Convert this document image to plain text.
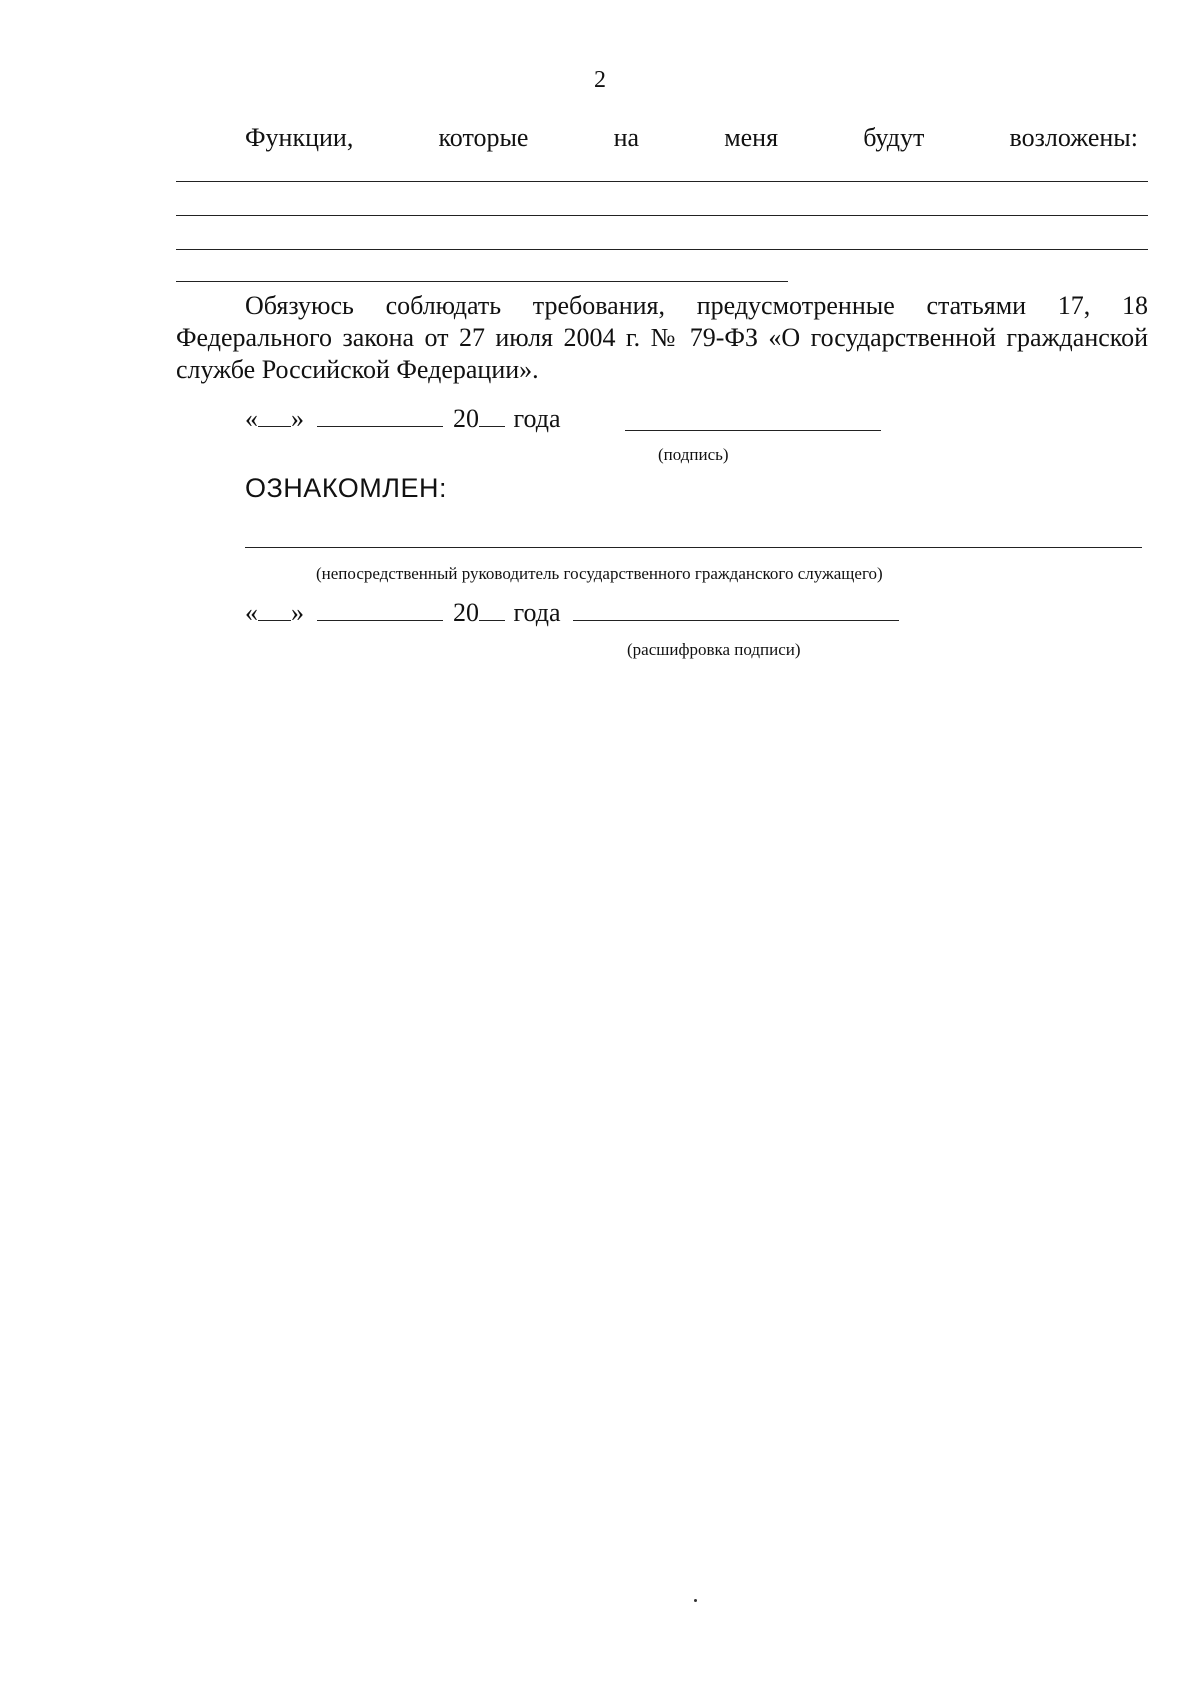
2
Функции,	которые	на	меня	будут	возложены:
Обязуюсь соблюдать требования, предусмотренные статьями 17, 18 Федерального закона от 27 июля 2004 г. № 79-ФЗ «О государственной гражданской службе Российской Федерации».
« »	20 года
(подпись)
ОЗНАКОМЛЕН:
(непосредственный руководитель государственного гражданского служащего)
« »	20 года
(расшифровка подписи)
